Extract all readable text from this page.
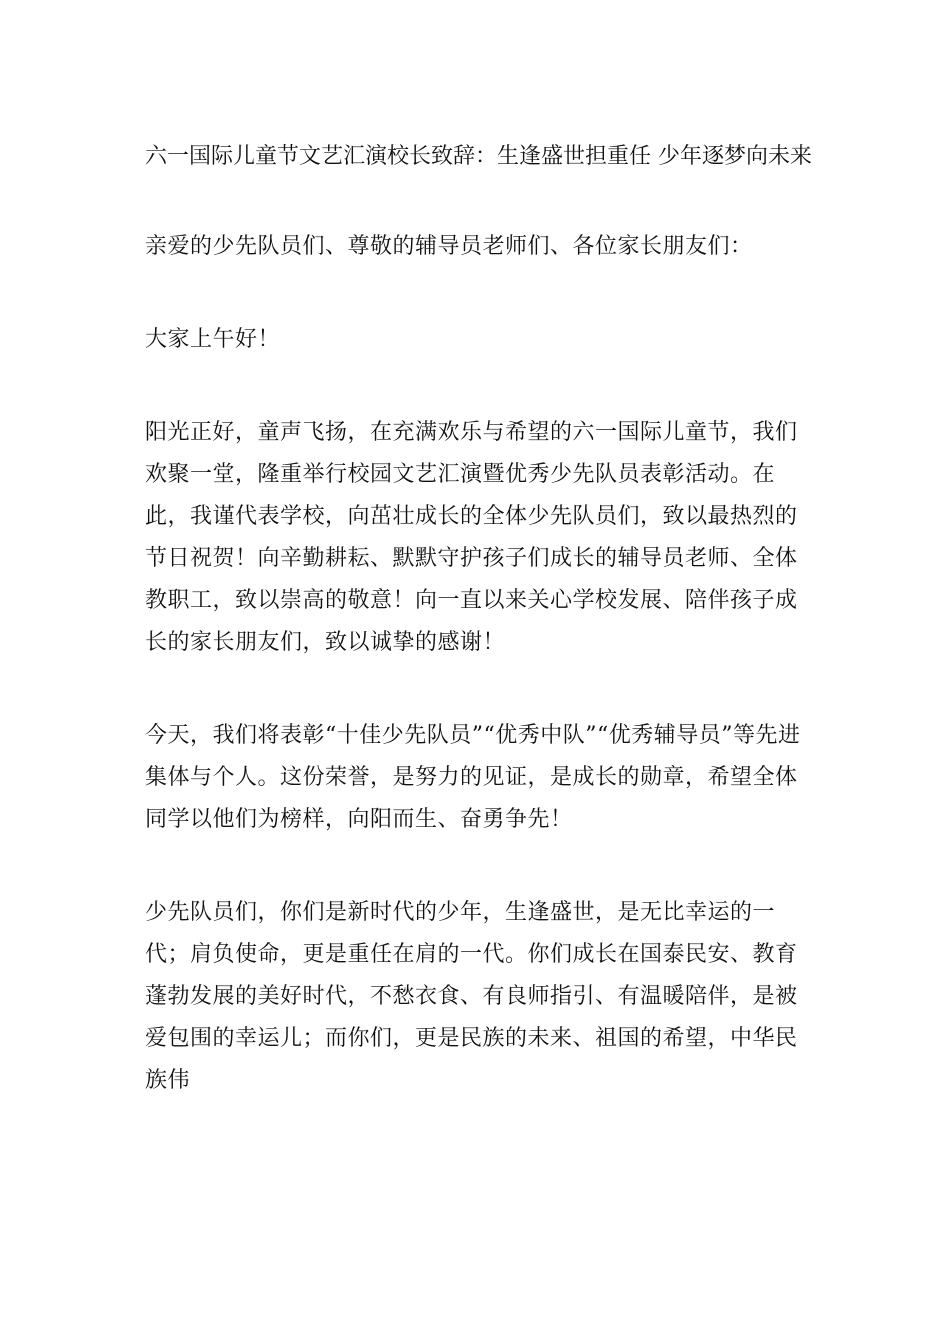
六一国际儿童节文艺汇演校长致辞：生逢盛世担重任 少年逐梦向未来
亲爱的少先队员们、尊敬的辅导员老师们、各位家长朋友们：
大家上午好！
阳光正好，童声飞扬，在充满欢乐与希望的六一国际儿童节，我们欢聚一堂，隆重举行校园文艺汇演暨优秀少先队员表彰活动。在此，我谨代表学校，向茁壮成长的全体少先队员们，致以最热烈的节日祝贺！向辛勤耕耘、默默守护孩子们成长的辅导员老师、全体教职工，致以崇高的敬意！向一直以来关心学校发展、陪伴孩子成长的家长朋友们，致以诚挚的感谢！
今天，我们将表彰“十佳少先队员”“优秀中队”“优秀辅导员”等先进集体与个人。这份荣誉，是努力的见证，是成长的勋章，希望全体同学以他们为榜样，向阳而生、奋勇争先！
少先队员们，你们是新时代的少年，生逢盛世，是无比幸运的一代；肩负使命，更是重任在肩的一代。你们成长在国泰民安、教育蓬勃发展的美好时代，不愁衣食、有良师指引、有温暖陪伴，是被爱包围的幸运儿；而你们，更是民族的未来、祖国的希望，中华民族伟
